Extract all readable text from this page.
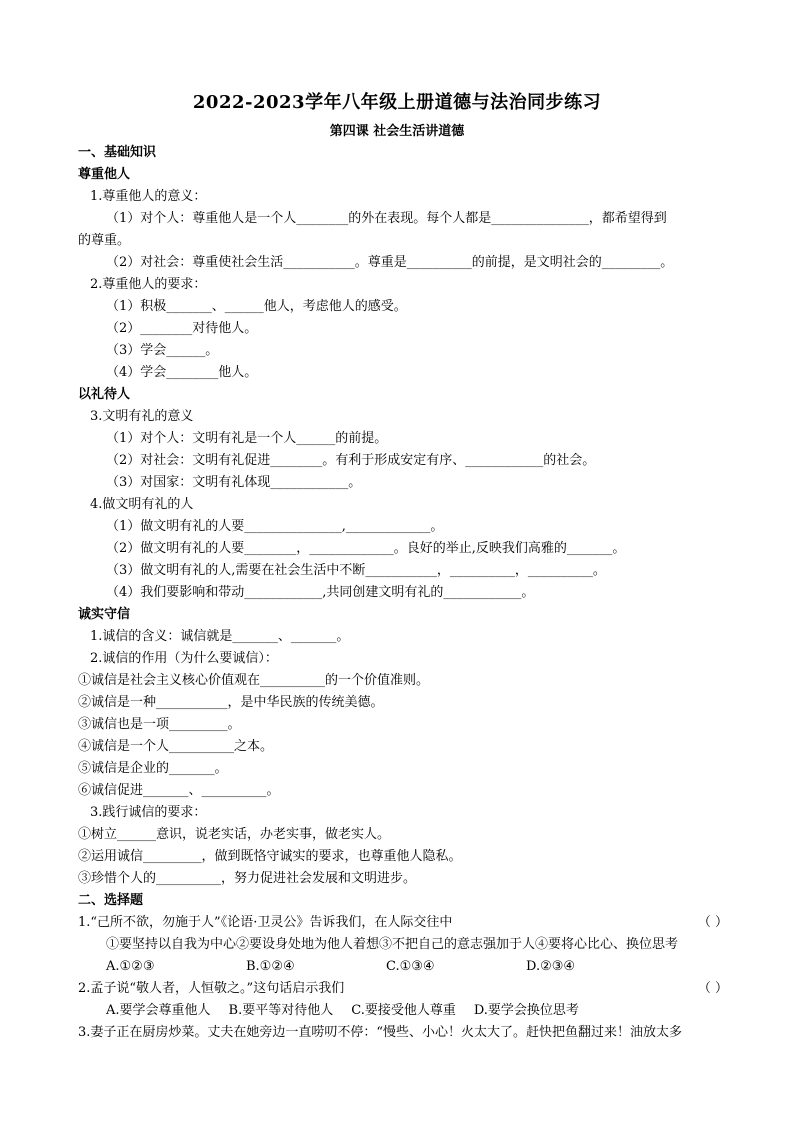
2022-2023学年八年级上册道德与法治同步练习
第四课 社会生活讲道德
一、基础知识
尊重他人
1.尊重他人的意义：
（1）对个人：尊重他人是一个人________的外在表现。每个人都是_______________，都希望得到
的尊重。
（2）对社会：尊重使社会生活___________。尊重是__________的前提，是文明社会的_________。
2.尊重他人的要求：
（1）积极_______、______他人，考虑他人的感受。
（2）________对待他人。
（3）学会______。
（4）学会________他人。
以礼待人
3.文明有礼的意义
（1）对个人：文明有礼是一个人______的前提。
（2）对社会：文明有礼促进________。有利于形成安定有序、____________的社会。
（3）对国家：文明有礼体现____________。
4.做文明有礼的人
（1）做文明有礼的人要_______________,_____________。
（2）做文明有礼的人要________，_____________。良好的举止,反映我们高雅的_______。
（3）做文明有礼的人,需要在社会生活中不断___________，__________，__________。
（4）我们要影响和带动____________,共同创建文明有礼的____________。
诚实守信
1.诚信的含义：诚信就是_______、_______。
2.诚信的作用（为什么要诚信）：
①诚信是社会主义核心价值观在__________的一个价值准则。
②诚信是一种___________，是中华民族的传统美德。
③诚信也是一项_________。
④诚信是一个人__________之本。
⑤诚信是企业的_______。
⑥诚信促进_______、__________。
3.践行诚信的要求：
①树立______意识，说老实话，办老实事，做老实人。
②运用诚信_________，做到既恪守诚实的要求，也尊重他人隐私。
③珍惜个人的__________，努力促进社会发展和文明进步。
二、选择题
1.“己所不欲，勿施于人”《论语·卫灵公》告诉我们，在人际交往中	（ ）
①要坚持以自我为中心②要设身处地为他人着想③不把自己的意志强加于人④要将心比心、换位思考
A.①②③	B.①②④	C.①③④	D.②③④
2.孟子说“敬人者，人恒敬之。”这句话启示我们	（ ）
A.要学会尊重他人 B.要平等对待他人 C.要接受他人尊重 D.要学会换位思考
3.妻子正在厨房炒菜。丈夫在她旁边一直唠叨不停：“慢些、小心！火太大了。赶快把鱼翻过来！油放太多
